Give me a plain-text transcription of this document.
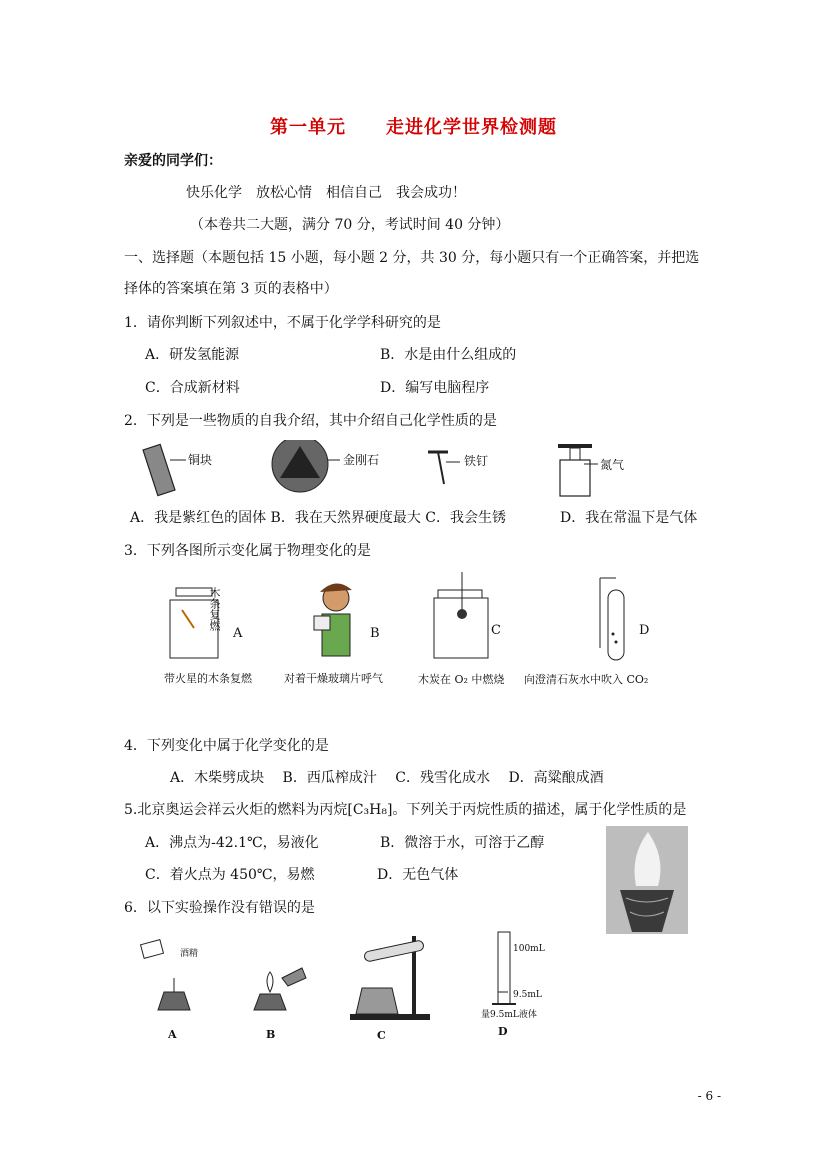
第一单元 走进化学世界检测题
亲爱的同学们：
快乐化学　放松心情　相信自己　我会成功！
（本卷共二大题，满分 70 分，考试时间 40 分钟）
一、选择题（本题包括 15 小题，每小题 2 分，共 30 分，每小题只有一个正确答案，并把选
择体的答案填在第 3 页的表格中）
1．请你判断下列叙述中，不属于化学学科研究的是
A．研发氢能源	B．水是由什么组成的
C．合成新材料	D．编写电脑程序
2．下列是一些物质的自我介绍，其中介绍自己化学性质的是
铜块	金刚石	铁钉	氮气
A．我是紫红色的固体 B．我在天然界硬度最大 C．我会生锈	D．我在常温下是气体
3．下列各图所示变化属于物理变化的是
木条复燃
A	B	C	D
带火星的木条复燃	对着干燥玻璃片呼气	木炭在 O₂ 中燃烧 向澄清石灰水中吹入 CO₂
4．下列变化中属于化学变化的是
A．木柴劈成块　 B．西瓜榨成汁　 C．残雪化成水　 D．高粱酿成酒
5.北京奥运会祥云火炬的燃料为丙烷[C₃H₈]。下列关于丙烷性质的描述，属于化学性质的是
A．沸点为-42.1℃，易液化	B．微溶于水，可溶于乙醇
C．着火点为 450℃，易燃	D．无色气体
6．以下实验操作没有错误的是
酒精	100mL
9.5mL
量9.5mL液体
A	B	C	D
- 6 -
